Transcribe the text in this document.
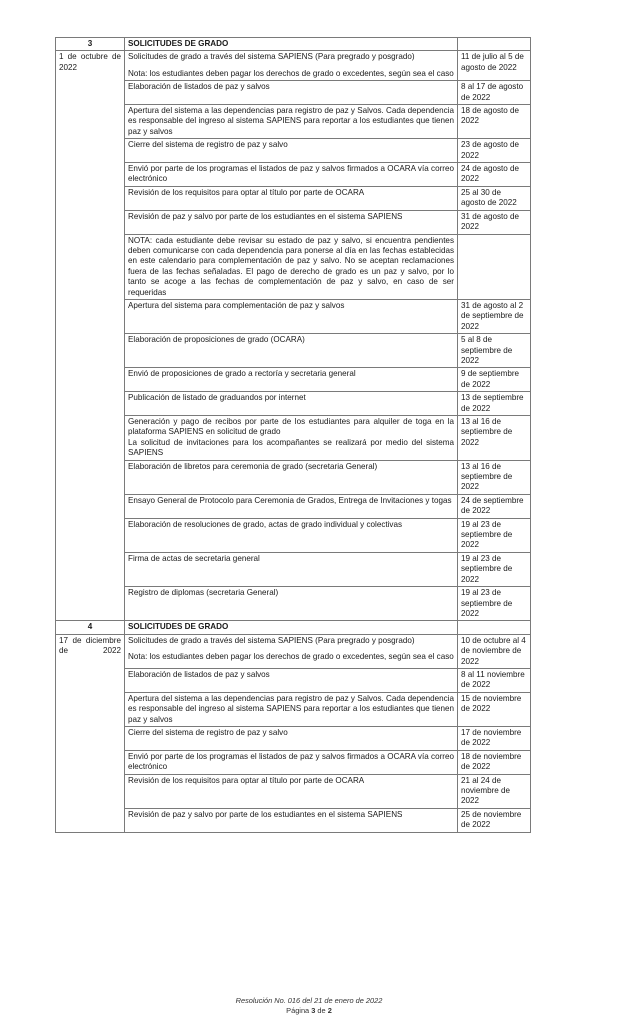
3	SOLICITUDES DE GRADO	
1 de octubre de 2022	Solicitudes de grado a través del sistema SAPIENS (Para pregrado y posgrado)
Nota: los estudiantes deben pagar los derechos de grado o excedentes, según sea el caso	11 de julio al 5 de agosto de 2022

	Elaboración de listados de paz y salvos	8 al 17 de agosto de 2022

	Apertura del sistema a las dependencias para registro de paz y Salvos. Cada dependencia es responsable del ingreso al sistema SAPIENS para reportar a los estudiantes que tienen paz y salvos	18 de agosto de 2022

	Cierre del sistema de registro de paz y salvo	23 de agosto de 2022

	Envió por parte de los programas el listados de paz y salvos firmados a OCARA vía correo electrónico	24 de agosto de 2022

	Revisión de los requisitos para optar al título por parte de OCARA	25 al 30 de agosto de 2022

	Revisión de paz y salvo por parte de los estudiantes en el sistema SAPIENS	31 de agosto de 2022

	NOTA: cada estudiante debe revisar su estado de paz y salvo, si encuentra pendientes deben comunicarse con cada dependencia para ponerse al día en las fechas establecidas en este calendario para complementación de paz y salvo. No se aceptan reclamaciones fuera de las fechas señaladas. El pago de derecho de grado es un paz y salvo, por lo tanto se acoge a las fechas de complementación de paz y salvo, en caso de ser requeridas	

	Apertura del sistema para complementación de paz y salvos	31 de agosto al 2 de septiembre de 2022

	Elaboración de proposiciones de grado (OCARA)	5 al 8 de septiembre de 2022

	Envió de proposiciones de grado a rectoría y secretaria general	9 de septiembre de 2022

	Publicación de listado de graduandos por internet	13 de septiembre de 2022

	Generación y pago de recibos por parte de los estudiantes para alquiler de toga en la plataforma SAPIENS en solicitud de grado
La solicitud de invitaciones para los acompañantes se realizará por medio del sistema SAPIENS	13 al 16 de septiembre de 2022

	Elaboración de libretos para ceremonia de grado (secretaria General)	13 al 16 de septiembre de 2022

	Ensayo General de Protocolo para Ceremonia de Grados, Entrega de Invitaciones y togas	24 de septiembre de 2022

	Elaboración de resoluciones de grado, actas de grado individual y colectivas	19 al 23 de septiembre de 2022

	Firma de actas de secretaria general	19 al 23 de septiembre de 2022

	Registro de diplomas (secretaria General)	19 al 23 de septiembre de 2022
4	SOLICITUDES DE GRADO	
17 de diciembre de 2022	Solicitudes de grado a través del sistema SAPIENS (Para pregrado y posgrado)
Nota: los estudiantes deben pagar los derechos de grado o excedentes, según sea el caso	10 de octubre al 4 de noviembre de 2022

	Elaboración de listados de paz y salvos	8 al 11 noviembre de 2022

	Apertura del sistema a las dependencias para registro de paz y Salvos. Cada dependencia es responsable del ingreso al sistema SAPIENS para reportar a los estudiantes que tienen paz y salvos	15 de noviembre de 2022

	Cierre del sistema de registro de paz y salvo	17 de noviembre de 2022

	Envió por parte de los programas el listados de paz y salvos firmados a OCARA vía correo electrónico	18 de noviembre de 2022

	Revisión de los requisitos para optar al título por parte de OCARA	21 al 24 de noviembre de 2022

	Revisión de paz y salvo por parte de los estudiantes en el sistema SAPIENS	25 de noviembre de 2022
Resolución No. 016 del 21 de enero de 2022
Página 3 de 2
